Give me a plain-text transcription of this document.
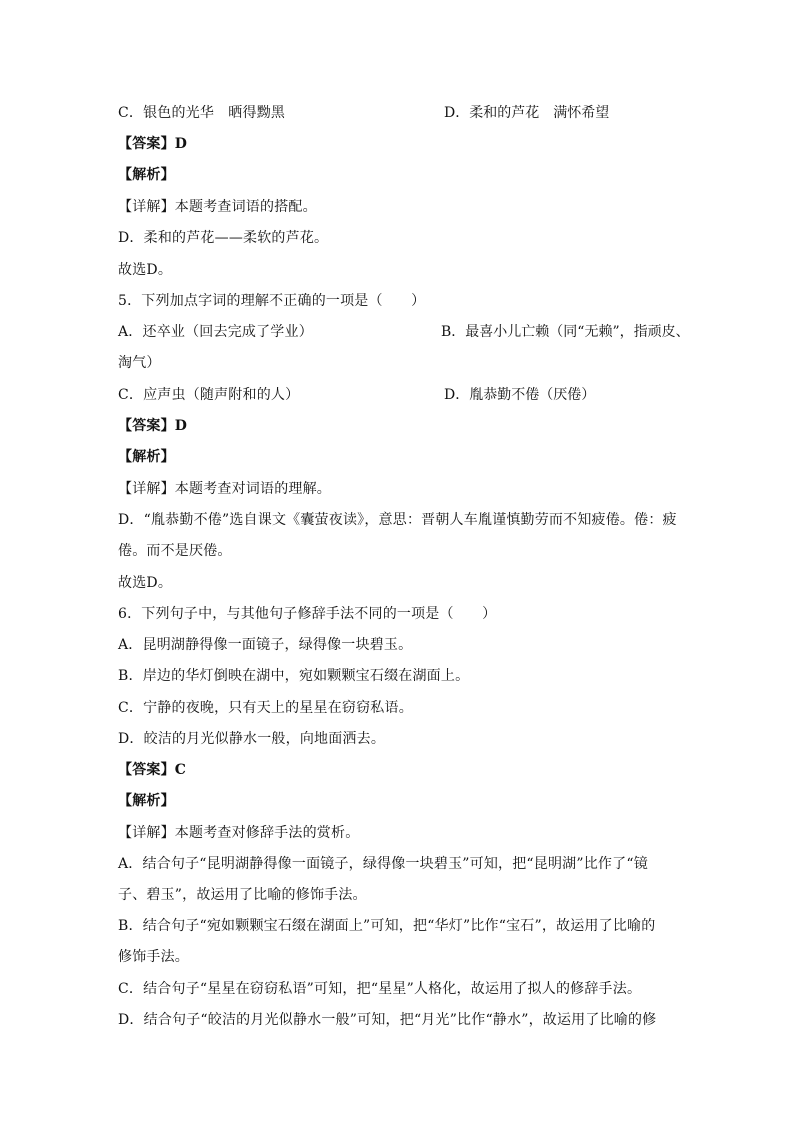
C．银色的光华　晒得黝黑	D．柔和的芦花　满怀希望
【答案】D
【解析】
【详解】本题考查词语的搭配。
D．柔和的芦花——柔软的芦花。
故选D。
5．下列加点字词的理解不正确的一项是（　　）
A．还卒业（回去完成了学业）	B．最喜小儿亡赖（同“无赖”，指顽皮、
淘气）
C．应声虫（随声附和的人）	D．胤恭勤不倦（厌倦）
【答案】D
【解析】
【详解】本题考查对词语的理解。
D．“胤恭勤不倦”选自课文《囊萤夜读》，意思：晋朝人车胤谨慎勤劳而不知疲倦。倦：疲
倦。而不是厌倦。
故选D。
6．下列句子中，与其他句子修辞手法不同的一项是（　　）
A．昆明湖静得像一面镜子，绿得像一块碧玉。
B．岸边的华灯倒映在湖中，宛如颗颗宝石缀在湖面上。
C．宁静的夜晚，只有天上的星星在窃窃私语。
D．皎洁的月光似静水一般，向地面洒去。
【答案】C
【解析】
【详解】本题考查对修辞手法的赏析。
A．结合句子“昆明湖静得像一面镜子，绿得像一块碧玉”可知，把“昆明湖”比作了“镜
子、碧玉”，故运用了比喻的修饰手法。
B．结合句子“宛如颗颗宝石缀在湖面上”可知，把“华灯”比作“宝石”，故运用了比喻的
修饰手法。
C．结合句子“星星在窃窃私语”可知，把“星星”人格化，故运用了拟人的修辞手法。
D．结合句子“皎洁的月光似静水一般”可知，把“月光”比作“静水”，故运用了比喻的修
